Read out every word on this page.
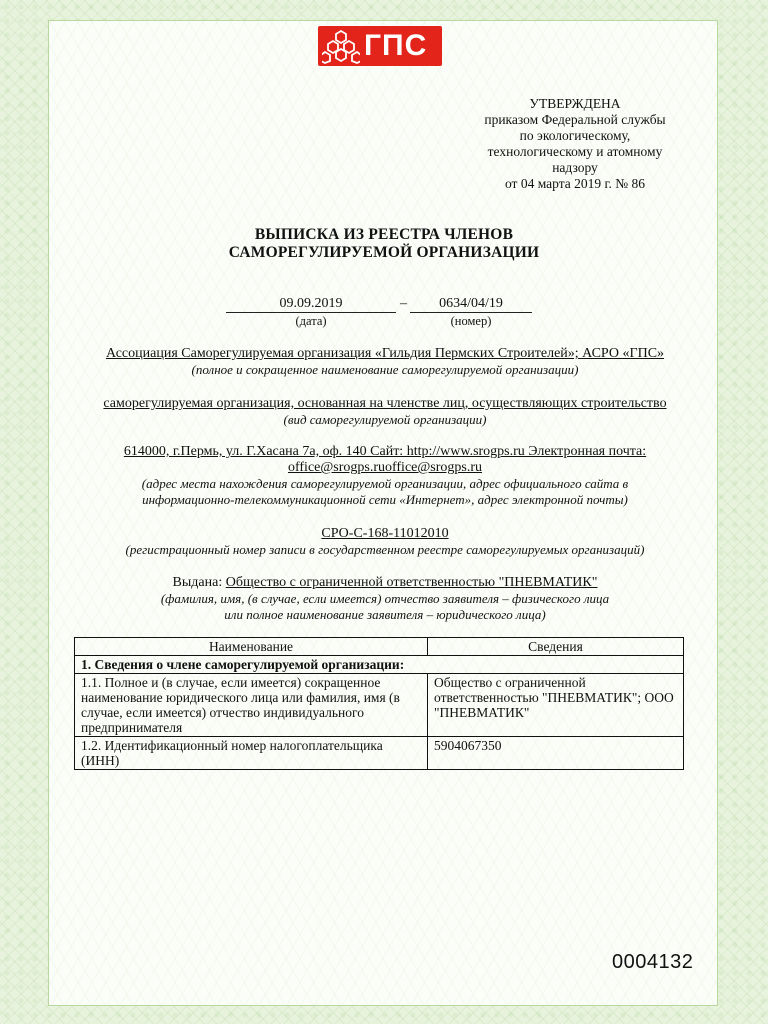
ГПС
УТВЕРЖДЕНА
приказом Федеральной службы
по экологическому,
технологическому и атомному
надзору
от 04 марта 2019 г. № 86
ВЫПИСКА ИЗ РЕЕСТРА ЧЛЕНОВ
САМОРЕГУЛИРУЕМОЙ ОРГАНИЗАЦИИ
09.09.2019	–	0634/04/19
(дата)	(номер)
Ассоциация Саморегулируемая организация «Гильдия Пермских Строителей»; АСРО «ГПС»
(полное и сокращенное наименование саморегулируемой организации)
саморегулируемая организация, основанная на членстве лиц, осуществляющих строительство
(вид саморегулируемой организации)
614000, г.Пермь, ул. Г.Хасана 7а, оф. 140 Сайт: http://www.srogps.ru Электронная почта:
office@srogps.ruoffice@srogps.ru
(адрес места нахождения саморегулируемой организации, адрес официального сайта в
информационно-телекоммуникационной сети «Интернет», адрес электронной почты)
СРО-С-168-11012010
(регистрационный номер записи в государственном реестре саморегулируемых организаций)
Выдана: Общество с ограниченной ответственностью "ПНЕВМАТИК"
(фамилия, имя, (в случае, если имеется) отчество заявителя – физического лица
или полное наименование заявителя – юридического лица)
Наименование	Сведения
1. Сведения о члене саморегулируемой организации:	
1.1. Полное и (в случае, если имеется) сокращенное наименование юридического лица или фамилия, имя (в случае, если имеется) отчество индивидуального предпринимателя	Общество с ограниченной ответственностью "ПНЕВМАТИК"; ООО "ПНЕВМАТИК"
1.2. Идентификационный номер налогоплательщика (ИНН)	5904067350
0004132
